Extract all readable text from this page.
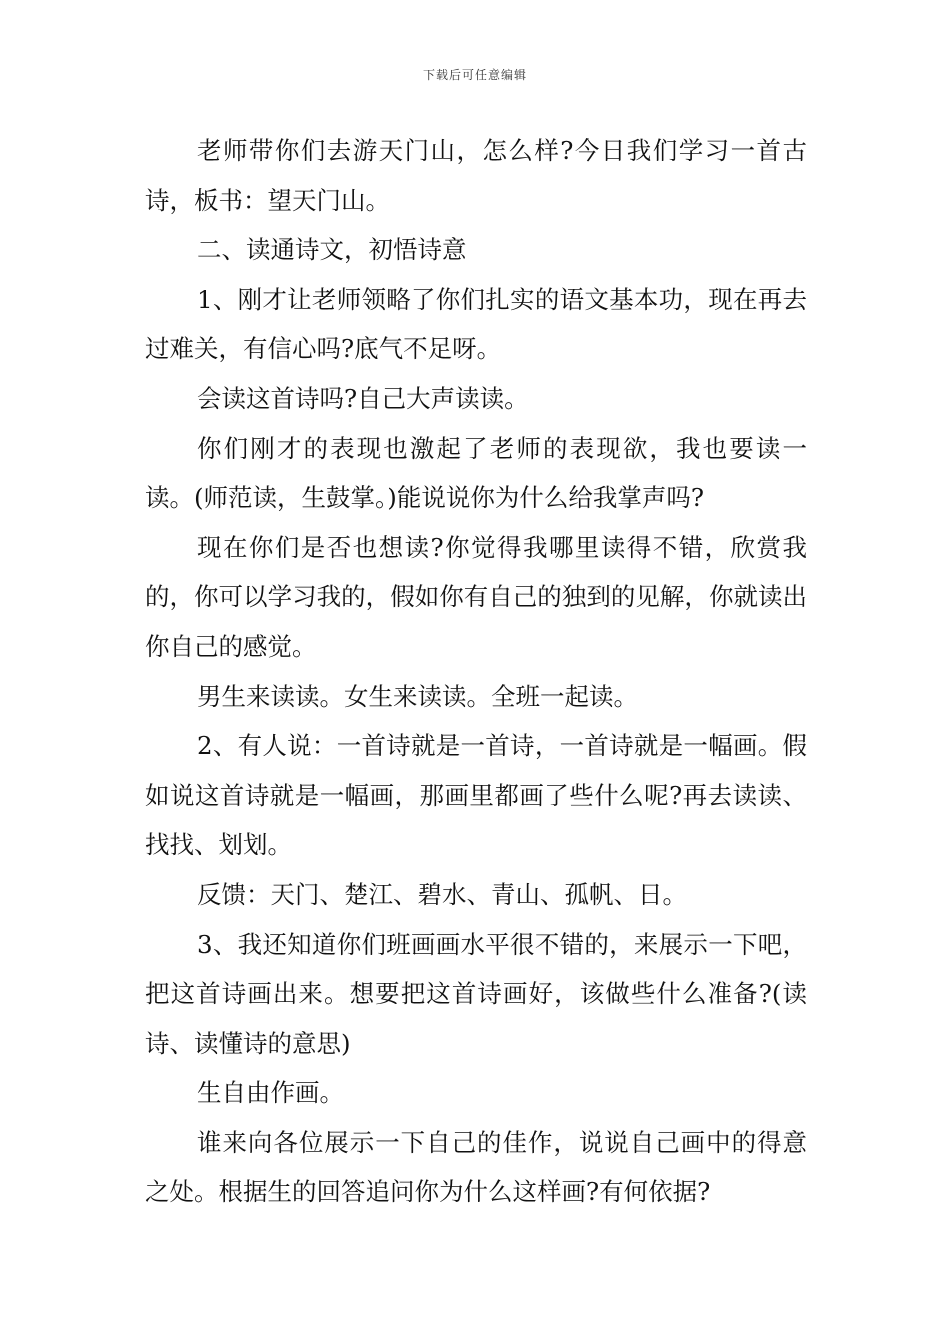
下载后可任意编辑

老师带你们去游天门山，怎么样?今日我们学习一首古诗，板书：望天门山。

二、读通诗文，初悟诗意

1、刚才让老师领略了你们扎实的语文基本功，现在再去过难关，有信心吗?底气不足呀。

会读这首诗吗?自己大声读读。

你们刚才的表现也激起了老师的表现欲，我也要读一读。(师范读，生鼓掌。)能说说你为什么给我掌声吗?

现在你们是否也想读?你觉得我哪里读得不错，欣赏我的，你可以学习我的，假如你有自己的独到的见解，你就读出你自己的感觉。

男生来读读。女生来读读。全班一起读。

2、有人说：一首诗就是一首诗，一首诗就是一幅画。假如说这首诗就是一幅画，那画里都画了些什么呢?再去读读、找找、划划。

反馈：天门、楚江、碧水、青山、孤帆、日。

3、我还知道你们班画画水平很不错的，来展示一下吧，把这首诗画出来。想要把这首诗画好，该做些什么准备?(读诗、读懂诗的意思)

生自由作画。

谁来向各位展示一下自己的佳作，说说自己画中的得意之处。根据生的回答追问你为什么这样画?有何依据?
